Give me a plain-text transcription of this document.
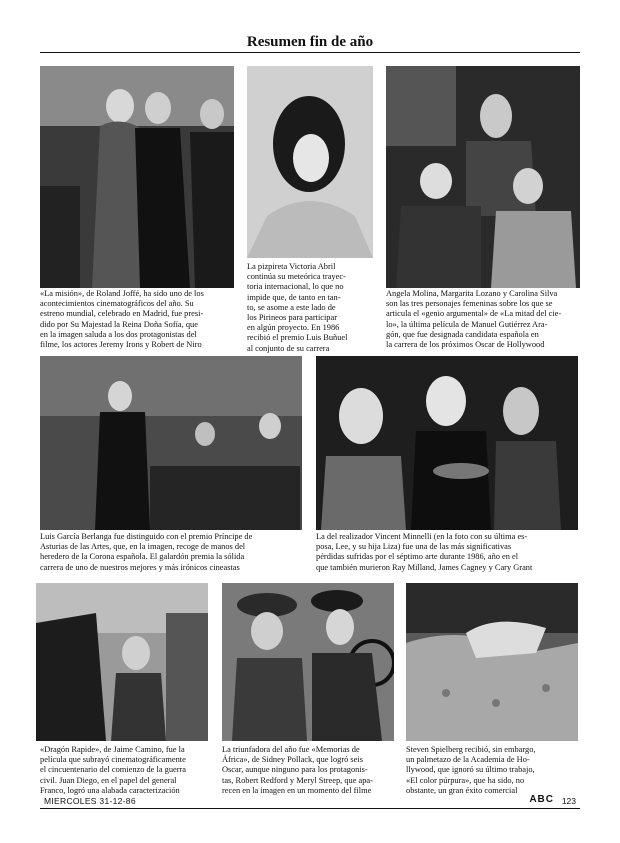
Resumen fin de año
«La misión», de Roland Joffé, ha sido uno de los
acontecimientos cinematográficos del año. Su
estreno mundial, celebrado en Madrid, fue presi-
dido por Su Majestad la Reina Doña Sofía, que
en la imagen saluda a los dos protagonistas del
filme, los actores Jeremy Irons y Robert de Niro
La pizpireta Victoria Abril
continúa su meteórica trayec-
toria internacional, lo que no
impide que, de tanto en tan-
to, se asome a este lado de
los Pirineos para participar
en algún proyecto. En 1986
recibió el premio Luis Buñuel
al conjunto de su carrera
Angela Molina, Margarita Lozano y Carolina Silva
son las tres personajes femeninas sobre los que se
articula el «genio argumental» de «La mitad del cie-
lo», la última película de Manuel Gutiérrez Ara-
gón, que fue designada candidata española en
la carrera de los próximos Oscar de Hollywood
Luis García Berlanga fue distinguido con el premio Príncipe de
Asturias de las Artes, que, en la imagen, recoge de manos del
heredero de la Corona española. El galardón premia la sólida
carrera de uno de nuestros mejores y más irónicos cineastas
La del realizador Vincent Minnelli (en la foto con su última es-
posa, Lee, y su hija Liza) fue una de las más significativas
pérdidas sufridas por el séptimo arte durante 1986, año en el
que también murieron Ray Milland, James Cagney y Cary Grant
«Dragón Rapide», de Jaime Camino, fue la
película que subrayó cinematográficamente
el cincuentenario del comienzo de la guerra
civil. Juan Diego, en el papel del general
Franco, logró una alabada caracterización
La triunfadora del año fue «Memorias de
África», de Sidney Pollack, que logró seis
Oscar, aunque ninguno para los protagonis-
tas, Robert Redford y Meryl Streep, que apa-
recen en la imagen en un momento del filme
Steven Spielberg recibió, sin embargo,
un palmetazo de la Academia de Ho-
llywood, que ignoró su último trabajo,
«El color púrpura», que ha sido, no
obstante, un gran éxito comercial
MIERCOLES 31-12-86	ABC 123
